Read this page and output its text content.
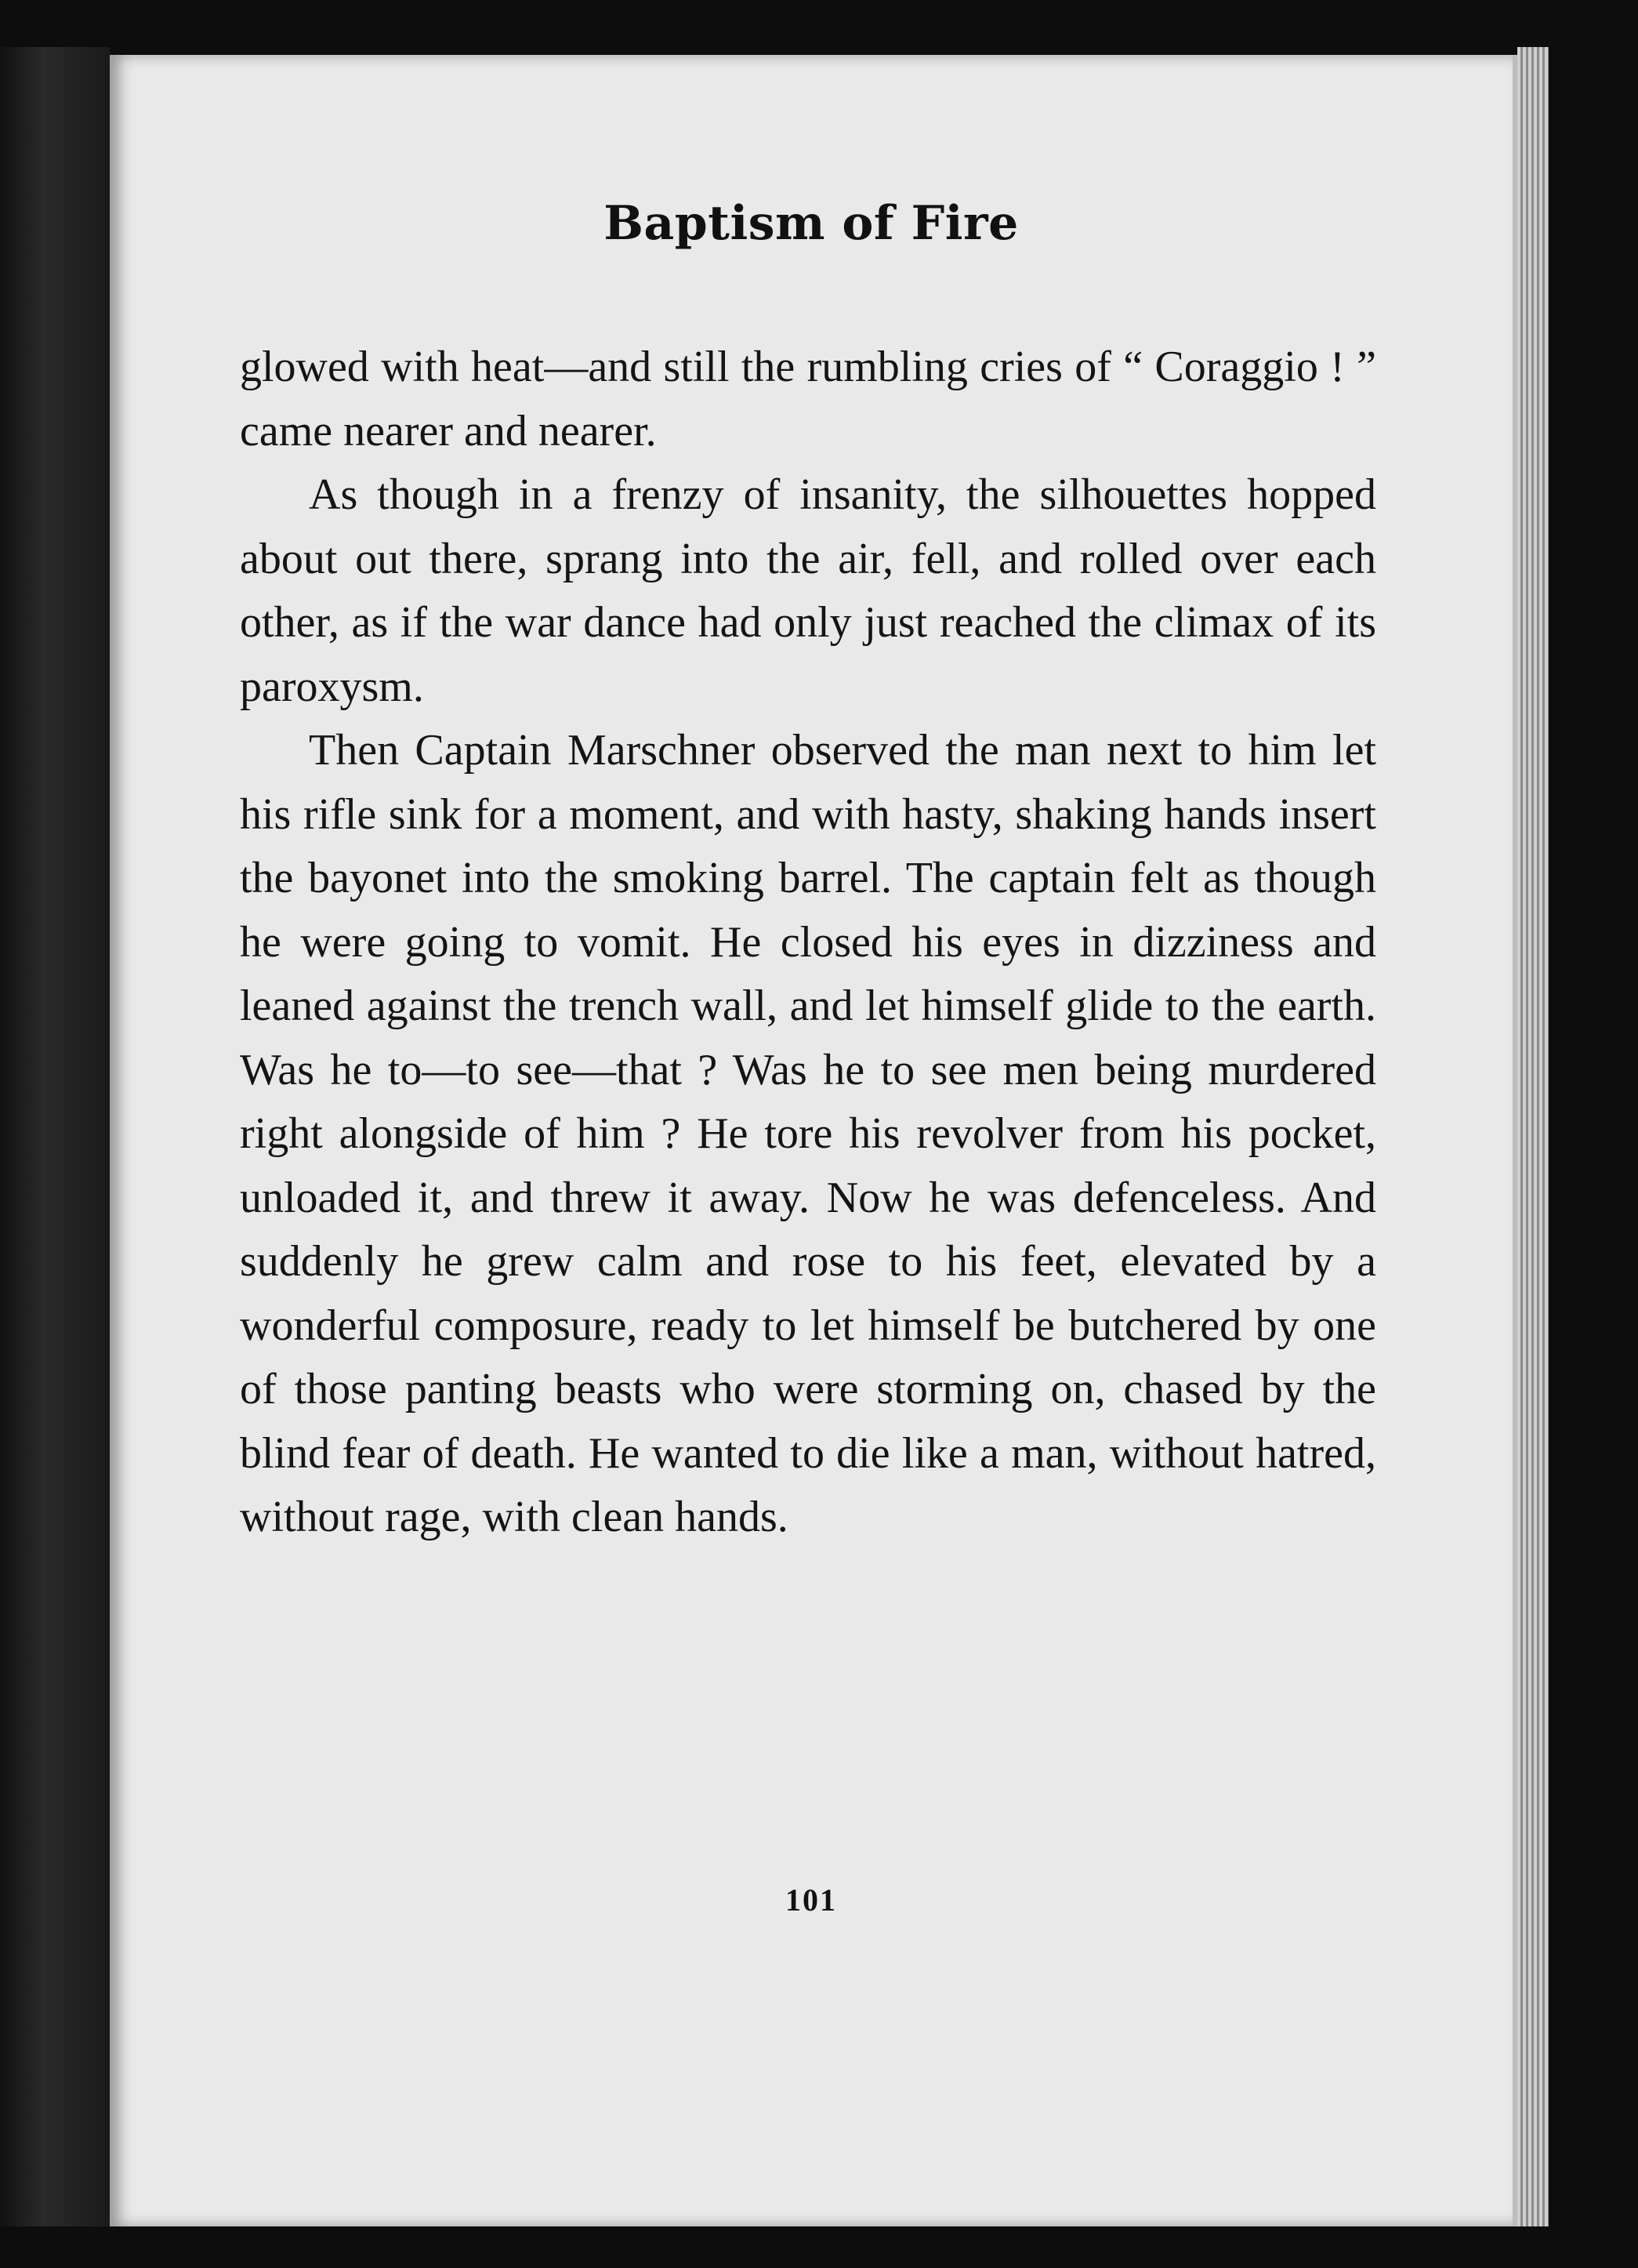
Baptism of Fire

glowed with heat—and still the rumbling cries of “ Coraggio ! ” came nearer and nearer.

As though in a frenzy of insanity, the silhouettes hopped about out there, sprang into the air, fell, and rolled over each other, as if the war dance had only just reached the climax of its paroxysm.

Then Captain Marschner observed the man next to him let his rifle sink for a moment, and with hasty, shaking hands insert the bayonet into the smoking barrel. The captain felt as though he were going to vomit. He closed his eyes in dizziness and leaned against the trench wall, and let himself glide to the earth. Was he to—to see—that ? Was he to see men being murdered right alongside of him ? He tore his revolver from his pocket, unloaded it, and threw it away. Now he was defenceless. And suddenly he grew calm and rose to his feet, elevated by a wonderful composure, ready to let himself be butchered by one of those panting beasts who were storming on, chased by the blind fear of death. He wanted to die like a man, without hatred, without rage, with clean hands.

101
